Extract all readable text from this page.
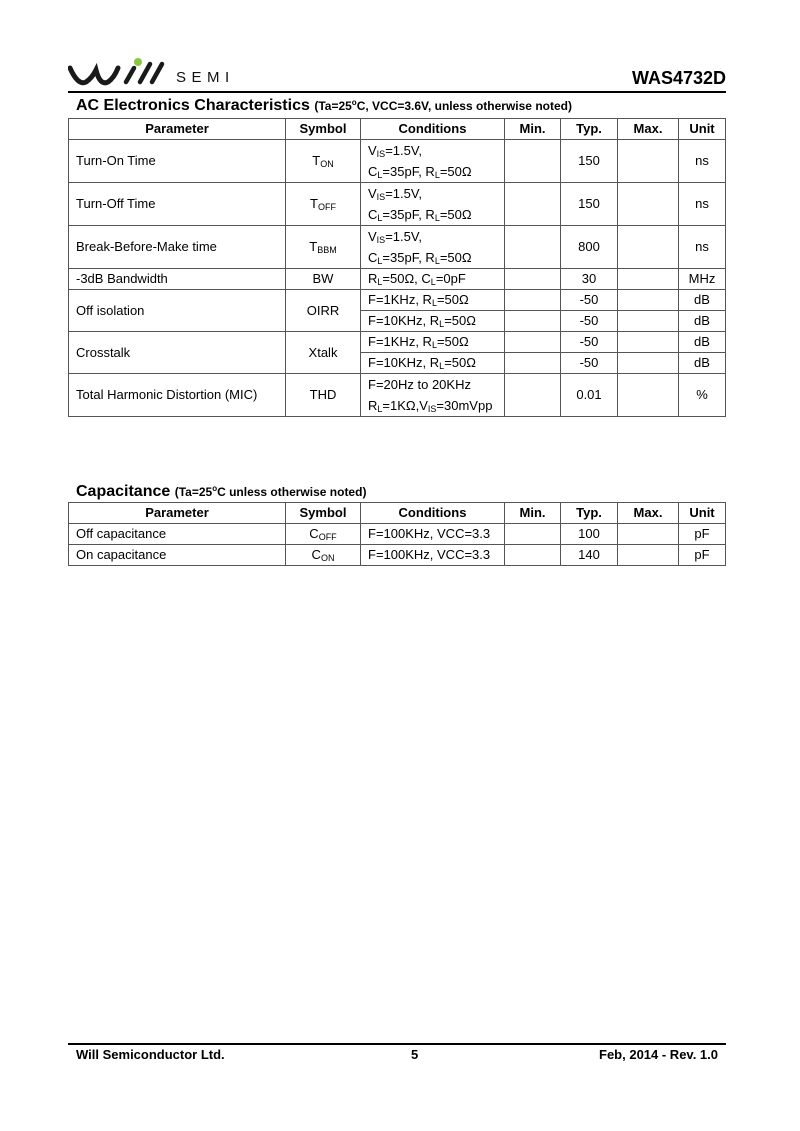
SEMI	WAS4732D
AC Electronics Characteristics ($Ta=25^oC$, VCC=3.6V, unless otherwise noted)
Parameter	Symbol	Conditions	Min.	Typ.	Max.	Unit
Turn-On Time	$T_{ON}$	$V_{IS}=1.5V$,
$C_L=35pF$, $R_L=50\Omega$		150		ns
Turn-Off Time	$T_{OFF}$	$V_{IS}=1.5V$,
$C_L=35pF$, $R_L=50\Omega$		150		ns
Break-Before-Make time	$T_{BBM}$	$V_{IS}=1.5V$,
$C_L=35pF$, $R_L=50\Omega$		800		ns
-3dB Bandwidth	BW	$R_L=50\Omega$, $C_L=0pF$		30		MHz
Off isolation	OIRR	F=1KHz, $R_L=50\Omega$		-50		dB
		F=10KHz, $R_L=50\Omega$		-50		dB
Crosstalk	Xtalk	F=1KHz, $R_L=50\Omega$		-50		dB
		F=10KHz, $R_L=50\Omega$		-50		dB
Total Harmonic Distortion (MIC)	THD	F=20Hz to 20KHz
$R_L=1K\Omega,V_{IS}=30mVpp$		0.01		%
Capacitance ($Ta=25^oC$ unless otherwise noted)
Parameter	Symbol	Conditions	Min.	Typ.	Max.	Unit
Off capacitance	$C_{OFF}$	F=100KHz, VCC=3.3		100		pF
On capacitance	$C_{ON}$	F=100KHz, VCC=3.3		140		pF
Will Semiconductor Ltd.	5	Feb, 2014 - Rev. 1.0
